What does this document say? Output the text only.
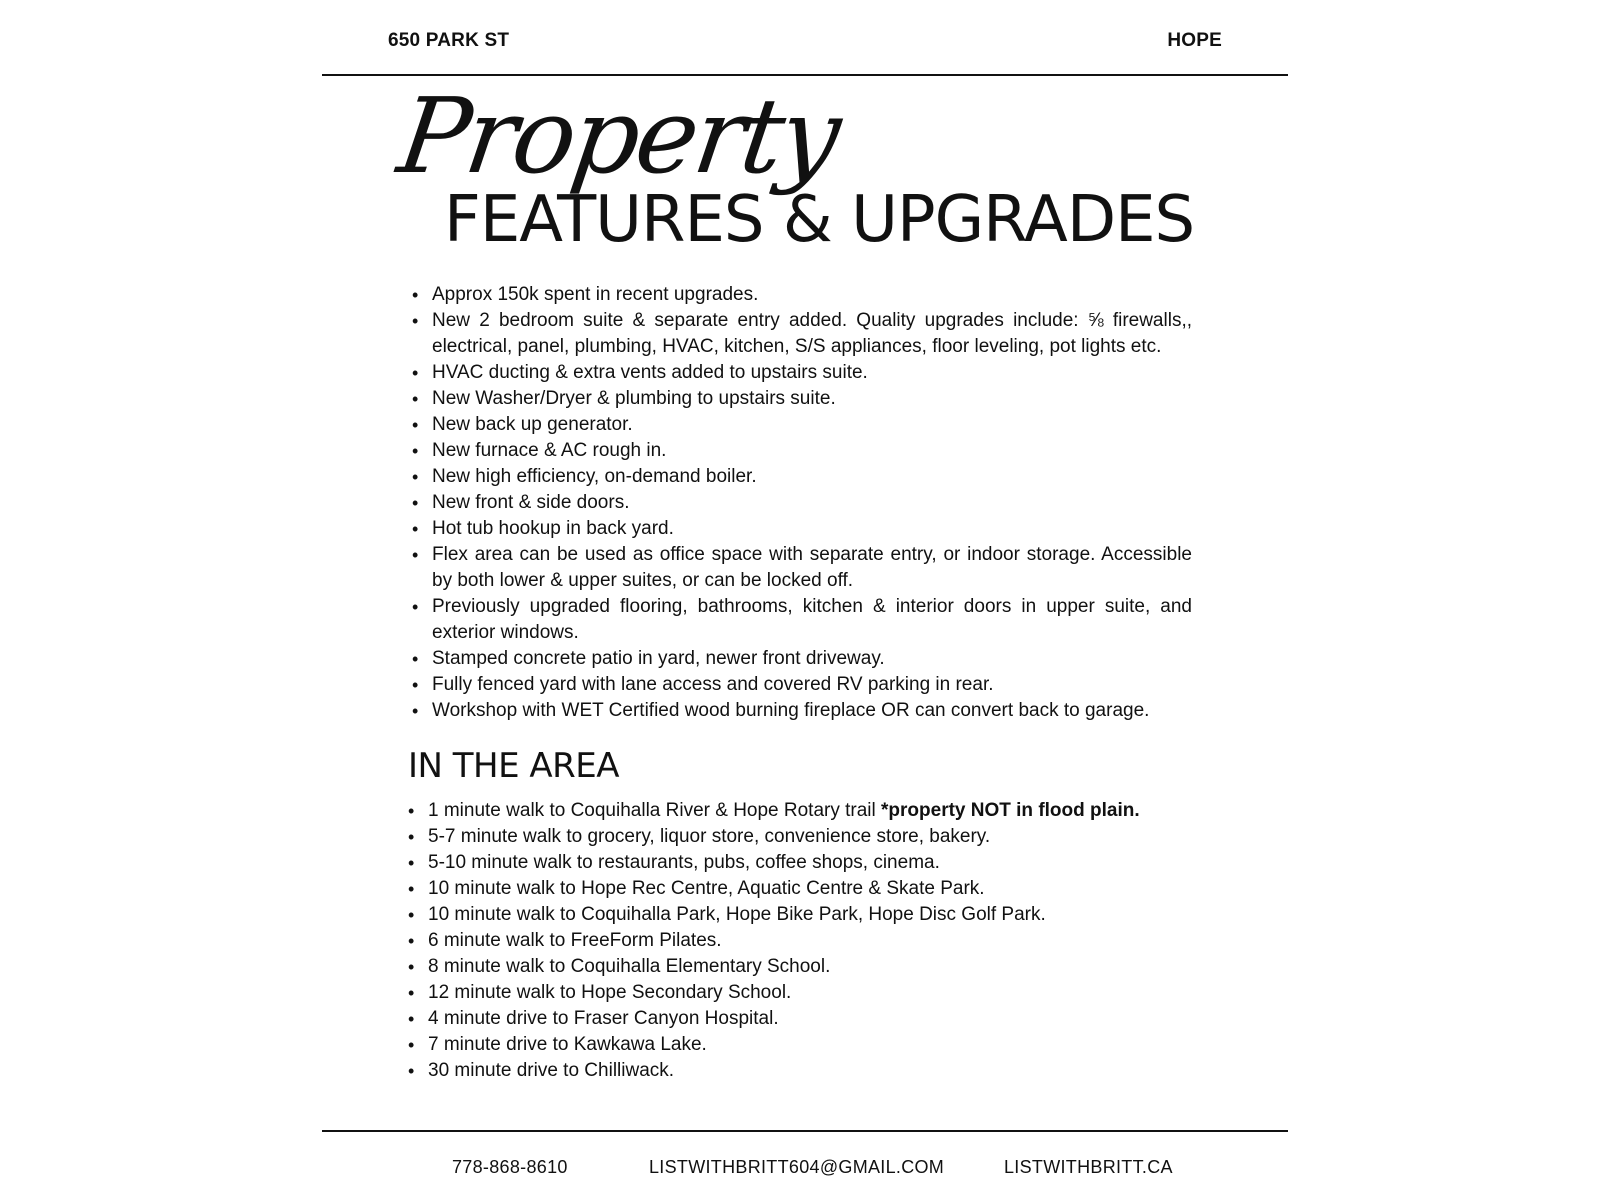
650 PARK ST	HOPE
Property
FEATURES & UPGRADES
• Approx 150k spent in recent upgrades.
• New 2 bedroom suite & separate entry added. Quality upgrades include: ⅝ firewalls,, electrical, panel, plumbing, HVAC, kitchen, S/S appliances, floor leveling, pot lights etc.
• HVAC ducting & extra vents added to upstairs suite.
• New Washer/Dryer & plumbing to upstairs suite.
• New back up generator.
• New furnace & AC rough in.
• New high efficiency, on-demand boiler.
• New front & side doors.
• Hot tub hookup in back yard.
• Flex area can be used as office space with separate entry, or indoor storage. Accessible by both lower & upper suites, or can be locked off.
• Previously upgraded flooring, bathrooms, kitchen & interior doors in upper suite, and exterior windows.
• Stamped concrete patio in yard, newer front driveway.
• Fully fenced yard with lane access and covered RV parking in rear.
• Workshop with WET Certified wood burning fireplace OR can convert back to garage.
IN THE AREA
• 1 minute walk to Coquihalla River & Hope Rotary trail *property NOT in flood plain.
• 5-7 minute walk to grocery, liquor store, convenience store, bakery.
• 5-10 minute walk to restaurants, pubs, coffee shops, cinema.
• 10 minute walk to Hope Rec Centre, Aquatic Centre & Skate Park.
• 10 minute walk to Coquihalla Park, Hope Bike Park, Hope Disc Golf Park.
• 6 minute walk to FreeForm Pilates.
• 8 minute walk to Coquihalla Elementary School.
• 12 minute walk to Hope Secondary School.
• 4 minute drive to Fraser Canyon Hospital.
• 7 minute drive to Kawkawa Lake.
• 30 minute drive to Chilliwack.
778-868-8610	LISTWITHBRITT604@GMAIL.COM	LISTWITHBRITT.CA
